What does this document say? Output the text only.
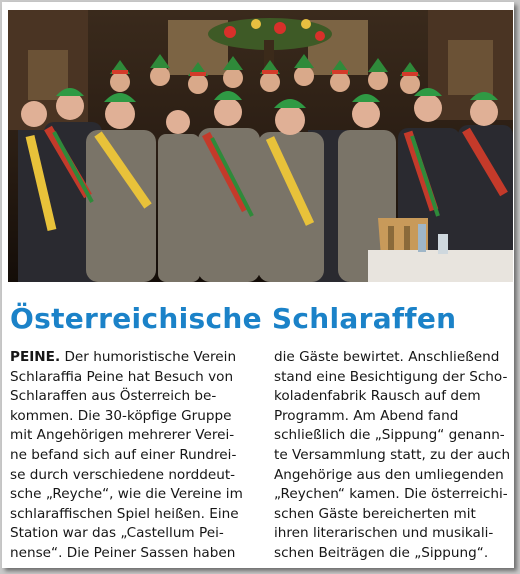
Österreichische Schlaraffen
PEINE. Der humoristische Verein
Schlaraffia Peine hat Besuch von
Schlaraffen aus Österreich be-
kommen. Die 30-köpfige Gruppe
mit Angehörigen mehrerer Verei-
ne befand sich auf einer Rundrei-
se durch verschiedene norddeut-
sche „Reyche“, wie die Vereine im
schlaraffischen Spiel heißen. Eine
Station war das „Castellum Pei-
nense“. Die Peiner Sassen haben
die Gäste bewirtet. Anschließend
stand eine Besichtigung der Scho-
koladenfabrik Rausch auf dem
Programm. Am Abend fand
schließlich die „Sippung“ genann-
te Versammlung statt, zu der auch
Angehörige aus den umliegenden
„Reychen“ kamen. Die österreichi-
schen Gäste bereicherten mit
ihren literarischen und musikali-
schen Beiträgen die „Sippung“.
